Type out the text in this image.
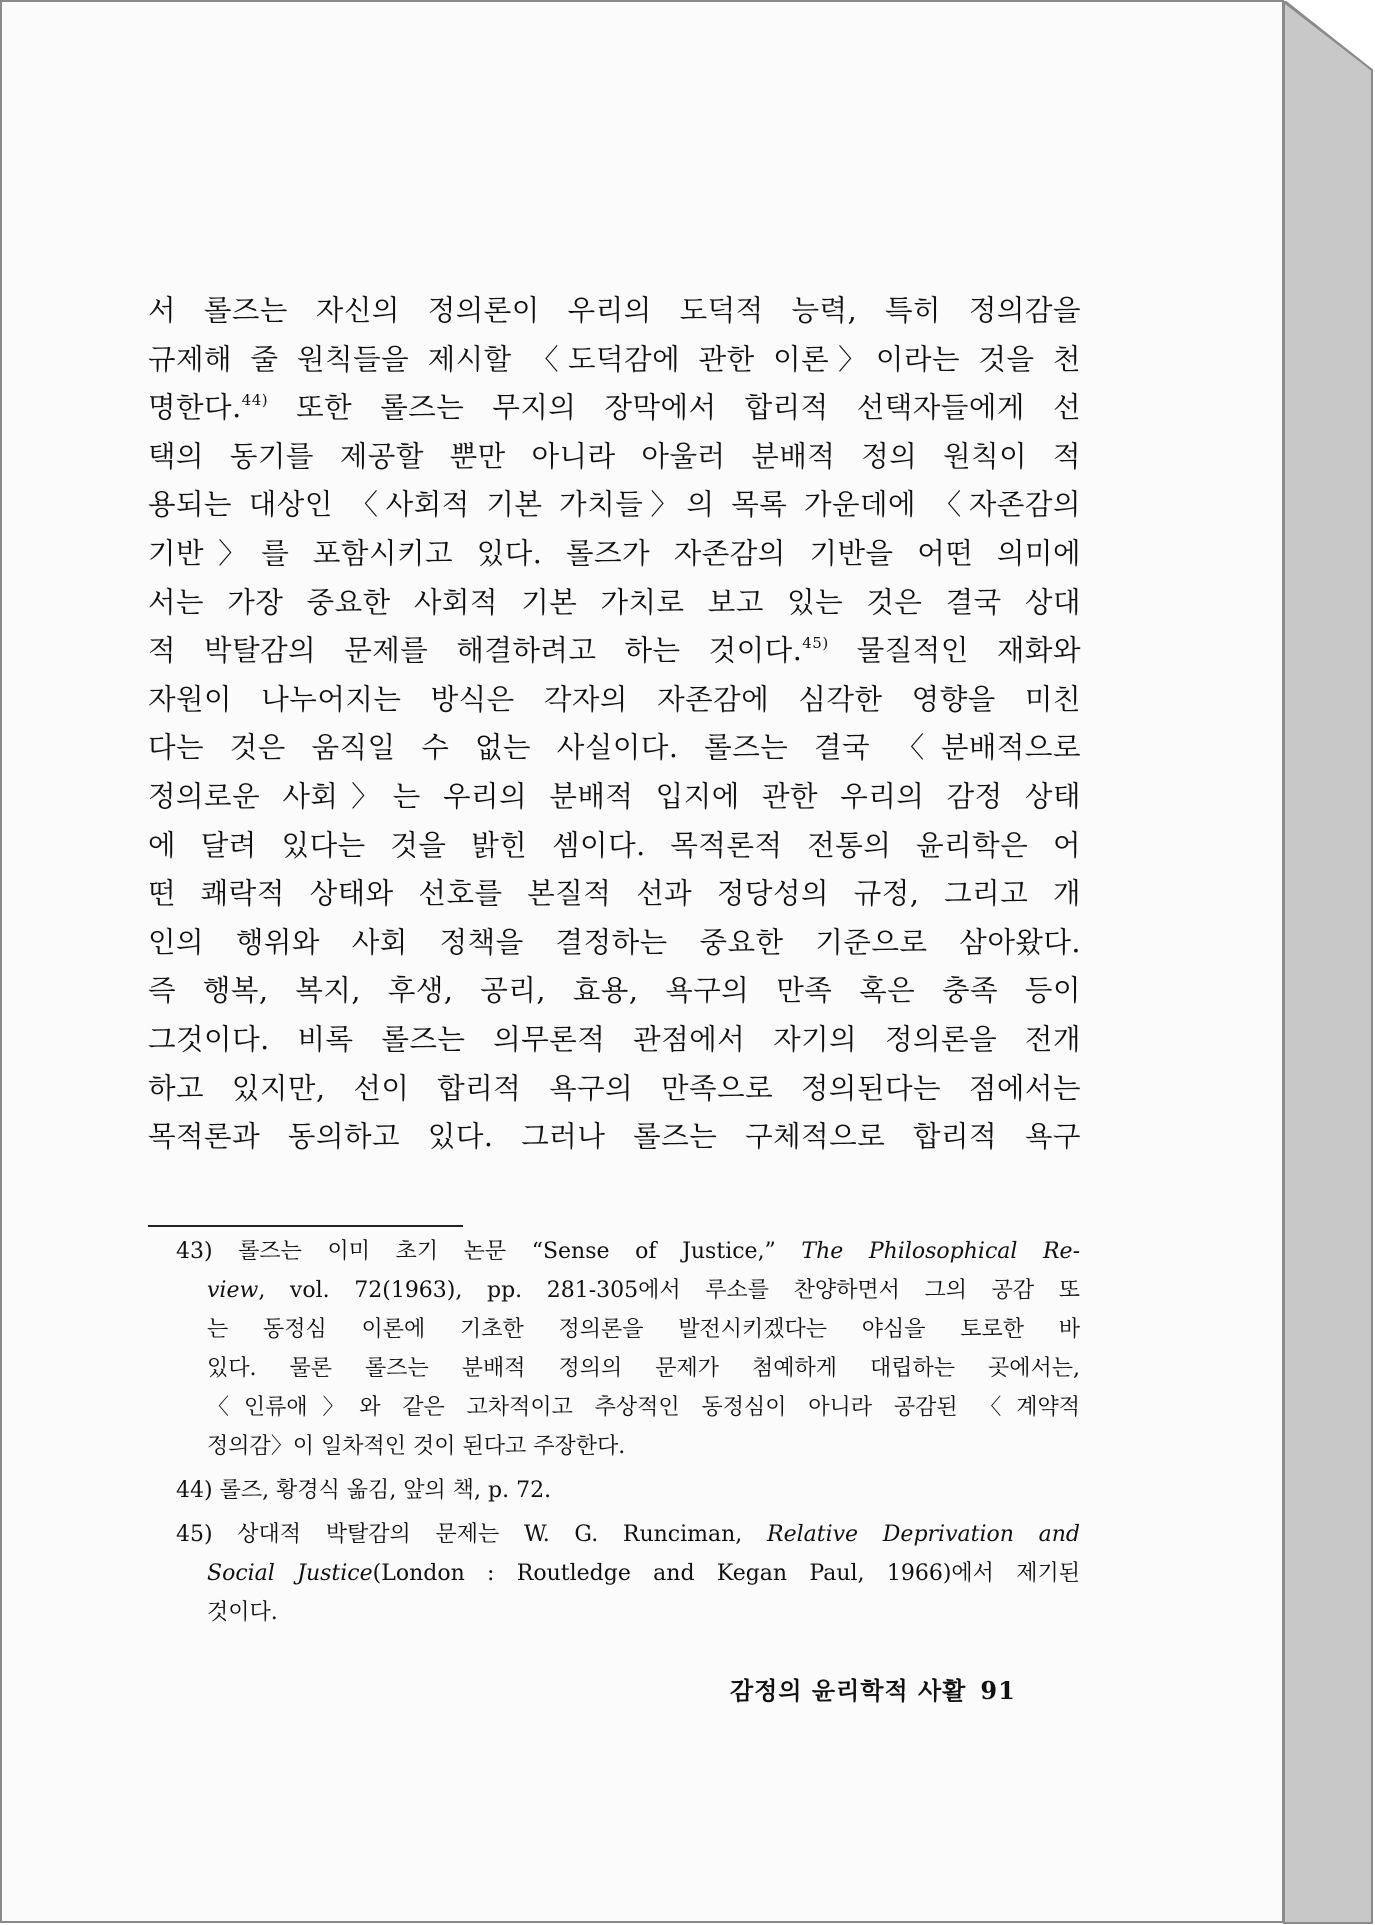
서 롤즈는 자신의 정의론이 우리의 도덕적 능력, 특히 정의감을
규제해 줄 원칙들을 제시할 〈도덕감에 관한 이론〉이라는 것을 천
명한다.$^{44)}$ 또한 롤즈는 무지의 장막에서 합리적 선택자들에게 선
택의 동기를 제공할 뿐만 아니라 아울러 분배적 정의 원칙이 적
용되는 대상인 〈사회적 기본 가치들〉의 목록 가운데에 〈자존감의
기반〉를 포함시키고 있다. 롤즈가 자존감의 기반을 어떤 의미에
서는 가장 중요한 사회적 기본 가치로 보고 있는 것은 결국 상대
적 박탈감의 문제를 해결하려고 하는 것이다.$^{45)}$ 물질적인 재화와
자원이 나누어지는 방식은 각자의 자존감에 심각한 영향을 미친
다는 것은 움직일 수 없는 사실이다. 롤즈는 결국 〈분배적으로
정의로운 사회〉는 우리의 분배적 입지에 관한 우리의 감정 상태
에 달려 있다는 것을 밝힌 셈이다. 목적론적 전통의 윤리학은 어
떤 쾌락적 상태와 선호를 본질적 선과 정당성의 규정, 그리고 개
인의 행위와 사회 정책을 결정하는 중요한 기준으로 삼아왔다.
즉 행복, 복지, 후생, 공리, 효용, 욕구의 만족 혹은 충족 등이
그것이다. 비록 롤즈는 의무론적 관점에서 자기의 정의론을 전개
하고 있지만, 선이 합리적 욕구의 만족으로 정의된다는 점에서는
목적론과 동의하고 있다. 그러나 롤즈는 구체적으로 합리적 욕구
43) 롤즈는 이미 초기 논문 “Sense of Justice,” The Philosophical Re-
view, vol. 72(1963), pp. 281-305에서 루소를 찬양하면서 그의 공감 또
는 동정심 이론에 기초한 정의론을 발전시키겠다는 야심을 토로한 바
있다. 물론 롤즈는 분배적 정의의 문제가 첨예하게 대립하는 곳에서는,
〈인류애〉와 같은 고차적이고 추상적인 동정심이 아니라 공감된 〈계약적
정의감〉이 일차적인 것이 된다고 주장한다.
44) 롤즈, 황경식 옮김, 앞의 책, p. 72.
45) 상대적 박탈감의 문제는 W. G. Runciman, Relative Deprivation and
Social Justice(London : Routledge and Kegan Paul, 1966)에서 제기된
것이다.
감정의 윤리학적 사활 91
